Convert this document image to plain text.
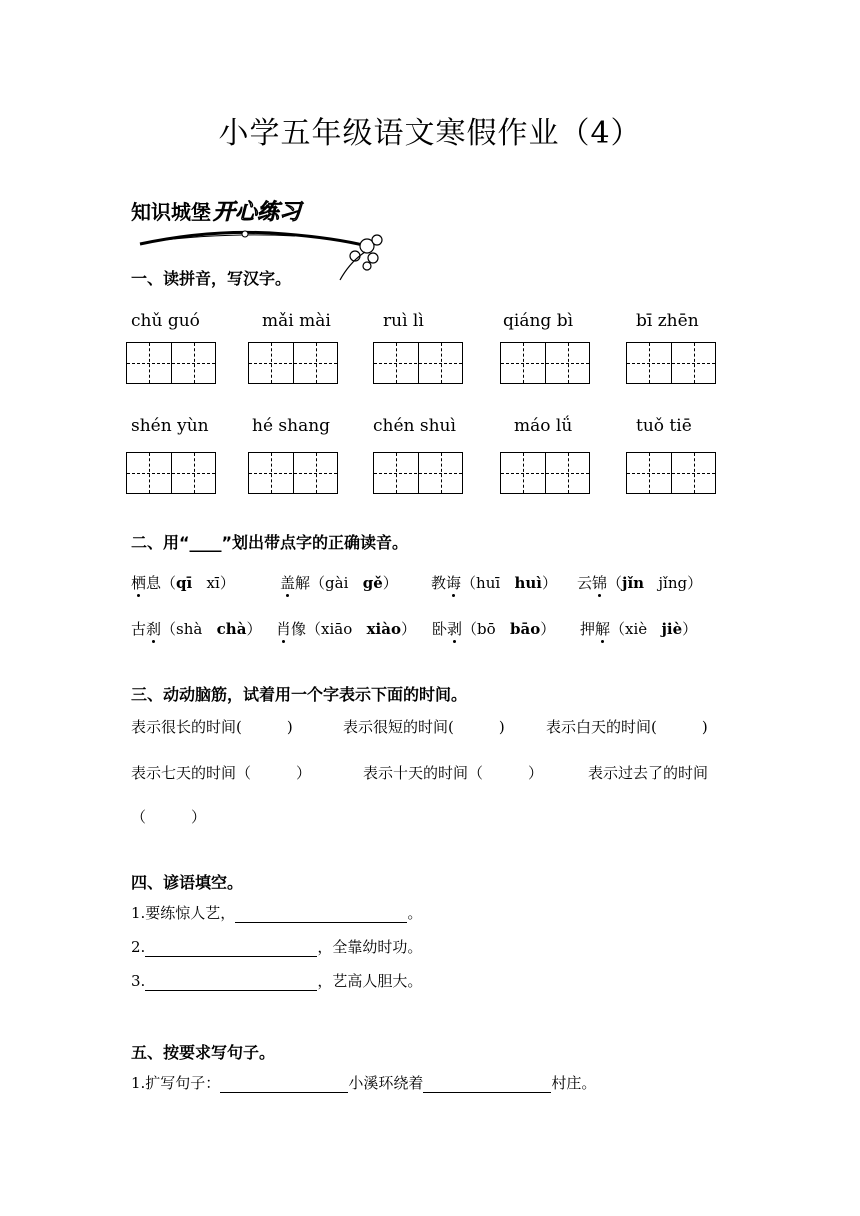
小学五年级语文寒假作业（4）
知识城堡开心练习
一、读拼音，写汉字。
chǔ guó	mǎi mài	ruì lì	qiáng bì	bī zhēn
shén yùn	hé shang	chén shuì	máo lǘ	tuǒ tiē
二、用“____”划出带点字的正确读音。
栖息（qī xī）	盖解（gài gě） 教诲（huī huì） 云锦（jǐn jǐng）
古刹（shà chà） 肖像（xiāo xiào） 卧剥（bō bāo） 押解（xiè jiè）
三、动动脑筋，试着用一个字表示下面的时间。
表示很长的时间(　　　)	表示很短的时间(　　　)	表示白天的时间(　　　)
表示七天的时间（　　　）	表示十天的时间（　　　）	表示过去了的时间
（　　　）
四、谚语填空。
1.要练惊人艺，	。
2.	，全靠幼时功。
3.	，艺高人胆大。
五、按要求写句子。
1.扩写句子：	小溪环绕着	村庄。
